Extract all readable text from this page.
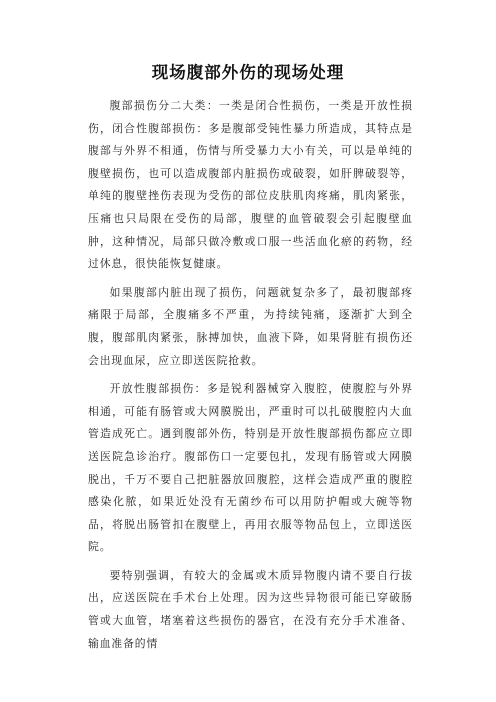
现场腹部外伤的现场处理

腹部损伤分二大类：一类是闭合性损伤，一类是开放性损伤，闭合性腹部损伤：多是腹部受钝性暴力所造成，其特点是腹部与外界不相通，伤情与所受暴力大小有关，可以是单纯的腹壁损伤，也可以造成腹部内脏损伤或破裂，如肝脾破裂等，单纯的腹壁挫伤表现为受伤的部位皮肤肌肉疼痛，肌肉紧张，压痛也只局限在受伤的局部，腹壁的血管破裂会引起腹壁血肿，这种情况，局部只做冷敷或口服一些活血化瘀的药物，经过休息，很快能恢复健康。

如果腹部内脏出现了损伤，问题就复杂多了，最初腹部疼痛限于局部，全腹痛多不严重，为持续钝痛，逐渐扩大到全腹，腹部肌肉紧张，脉搏加快，血液下降，如果肾脏有损伤还会出现血尿，应立即送医院抢救。

开放性腹部损伤：多是锐利器械穿入腹腔，使腹腔与外界相通，可能有肠管或大网膜脱出，严重时可以扎破腹腔内大血管造成死亡。遇到腹部外伤，特别是开放性腹部损伤都应立即送医院急诊治疗。腹部伤口一定要包扎，发现有肠管或大网膜脱出，千万不要自己把脏器放回腹腔，这样会造成严重的腹腔感染化脓，如果近处没有无菌纱布可以用防护帽或大碗等物品，将脱出肠管扣在腹壁上，再用衣服等物品包上，立即送医院。

要特别强调，有较大的金属或木质异物腹内请不要自行拔出，应送医院在手术台上处理。因为这些异物很可能已穿破肠管或大血管，堵塞着这些损伤的器官，在没有充分手术准备、输血准备的情
